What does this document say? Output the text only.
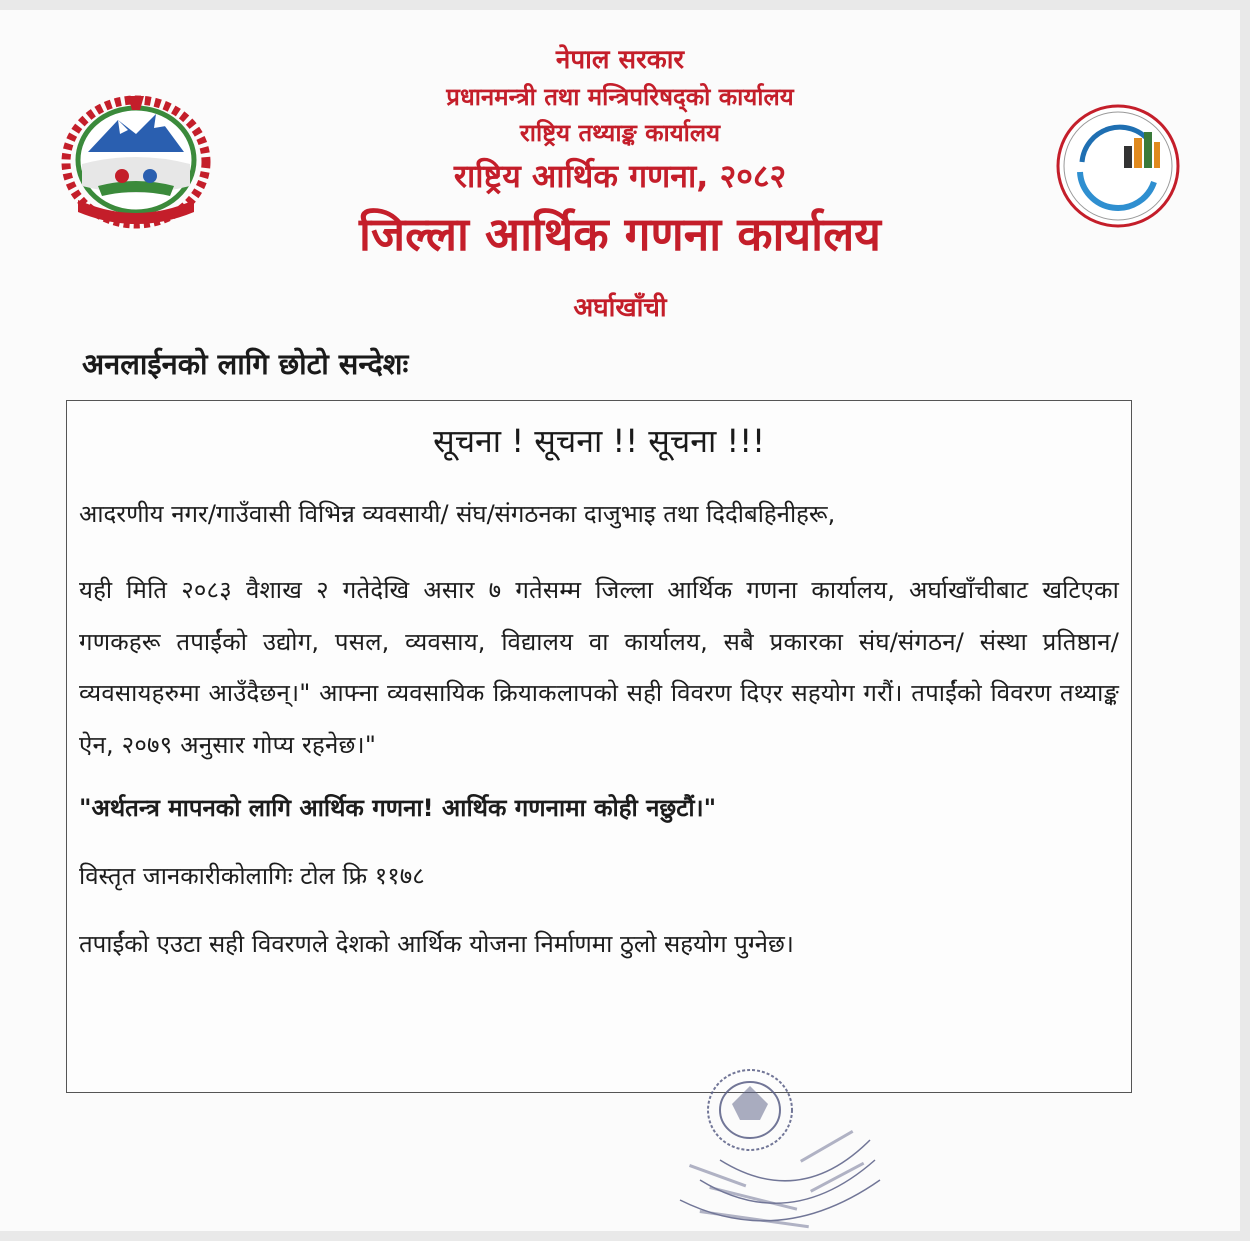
नेपाल सरकार
प्रधानमन्त्री तथा मन्त्रिपरिषद्को कार्यालय
राष्ट्रिय तथ्याङ्क कार्यालय
राष्ट्रिय आर्थिक गणना, २०८२
जिल्ला आर्थिक गणना कार्यालय
अर्घाखाँची
अनलाईनको लागि छोटो सन्देशः
सूचना ! सूचना !! सूचना !!!
आदरणीय नगर/गाउँवासी विभिन्न व्यवसायी/ संघ/संगठनका दाजुभाइ तथा दिदीबहिनीहरू,
यही मिति २०८३ वैशाख २ गतेदेखि असार ७ गतेसम्म जिल्ला आर्थिक गणना कार्यालय, अर्घाखाँचीबाट खटिएका गणकहरू तपाईंको उद्योग, पसल, व्यवसाय, विद्यालय वा कार्यालय, सबै प्रकारका संघ/संगठन/ संस्था प्रतिष्ठान/ व्यवसायहरुमा आउँदैछन्।" आफ्ना व्यवसायिक क्रियाकलापको सही विवरण दिएर सहयोग गरौं। तपाईंको विवरण तथ्याङ्क ऐन, २०७९ अनुसार गोप्य रहनेछ।"
"अर्थतन्त्र मापनको लागि आर्थिक गणना! आर्थिक गणनामा कोही नछुटौं।"
विस्तृत जानकारीकोलागिः टोल फ्रि ११७८
तपाईंको एउटा सही विवरणले देशको आर्थिक योजना निर्माणमा ठुलो सहयोग पुग्नेछ।
